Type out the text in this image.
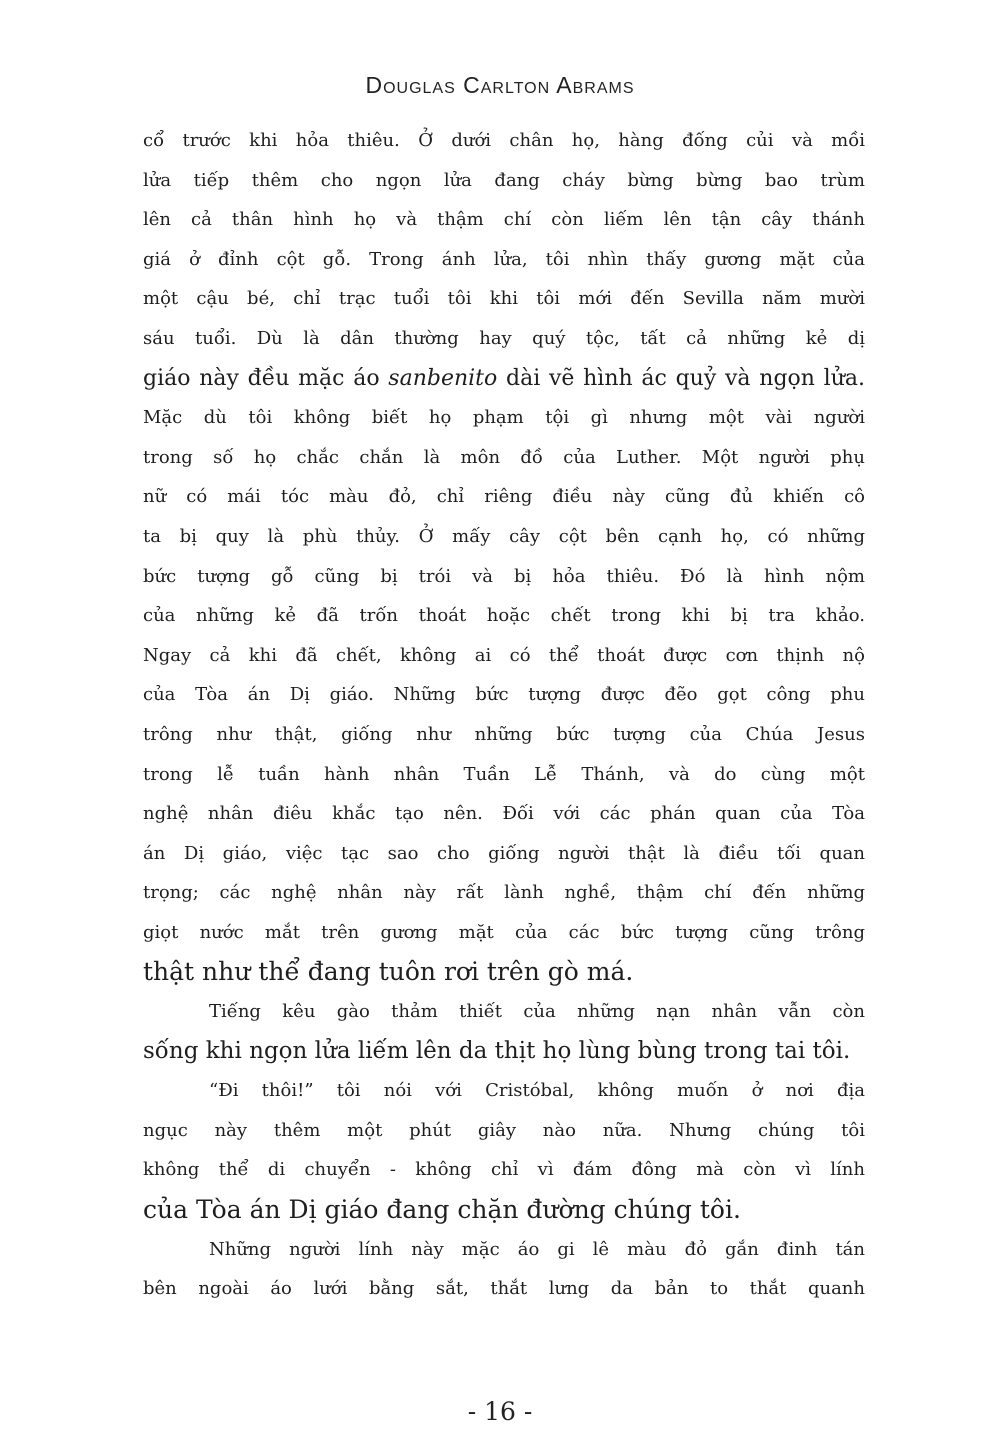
Douglas Carlton Abrams
cổ trước khi hỏa thiêu. Ở dưới chân họ, hàng đống củi và mồi
lửa tiếp thêm cho ngọn lửa đang cháy bừng bừng bao trùm
lên cả thân hình họ và thậm chí còn liếm lên tận cây thánh
giá ở đỉnh cột gỗ. Trong ánh lửa, tôi nhìn thấy gương mặt của
một cậu bé, chỉ trạc tuổi tôi khi tôi mới đến Sevilla năm mười
sáu tuổi. Dù là dân thường hay quý tộc, tất cả những kẻ dị
giáo này đều mặc áo sanbenito dài vẽ hình ác quỷ và ngọn lửa.
Mặc dù tôi không biết họ phạm tội gì nhưng một vài người
trong số họ chắc chắn là môn đồ của Luther. Một người phụ
nữ có mái tóc màu đỏ, chỉ riêng điều này cũng đủ khiến cô
ta bị quy là phù thủy. Ở mấy cây cột bên cạnh họ, có những
bức tượng gỗ cũng bị trói và bị hỏa thiêu. Đó là hình nộm
của những kẻ đã trốn thoát hoặc chết trong khi bị tra khảo.
Ngay cả khi đã chết, không ai có thể thoát được cơn thịnh nộ
của Tòa án Dị giáo. Những bức tượng được đẽo gọt công phu
trông như thật, giống như những bức tượng của Chúa Jesus
trong lễ tuần hành nhân Tuần Lễ Thánh, và do cùng một
nghệ nhân điêu khắc tạo nên. Đối với các phán quan của Tòa
án Dị giáo, việc tạc sao cho giống người thật là điều tối quan
trọng; các nghệ nhân này rất lành nghề, thậm chí đến những
giọt nước mắt trên gương mặt của các bức tượng cũng trông
thật như thể đang tuôn rơi trên gò má.
Tiếng kêu gào thảm thiết của những nạn nhân vẫn còn
sống khi ngọn lửa liếm lên da thịt họ lùng bùng trong tai tôi.
“Đi thôi!” tôi nói với Cristóbal, không muốn ở nơi địa
ngục này thêm một phút giây nào nữa. Nhưng chúng tôi
không thể di chuyển - không chỉ vì đám đông mà còn vì lính
của Tòa án Dị giáo đang chặn đường chúng tôi.
Những người lính này mặc áo gi lê màu đỏ gắn đinh tán
bên ngoài áo lưới bằng sắt, thắt lưng da bản to thắt quanh
- 16 -
